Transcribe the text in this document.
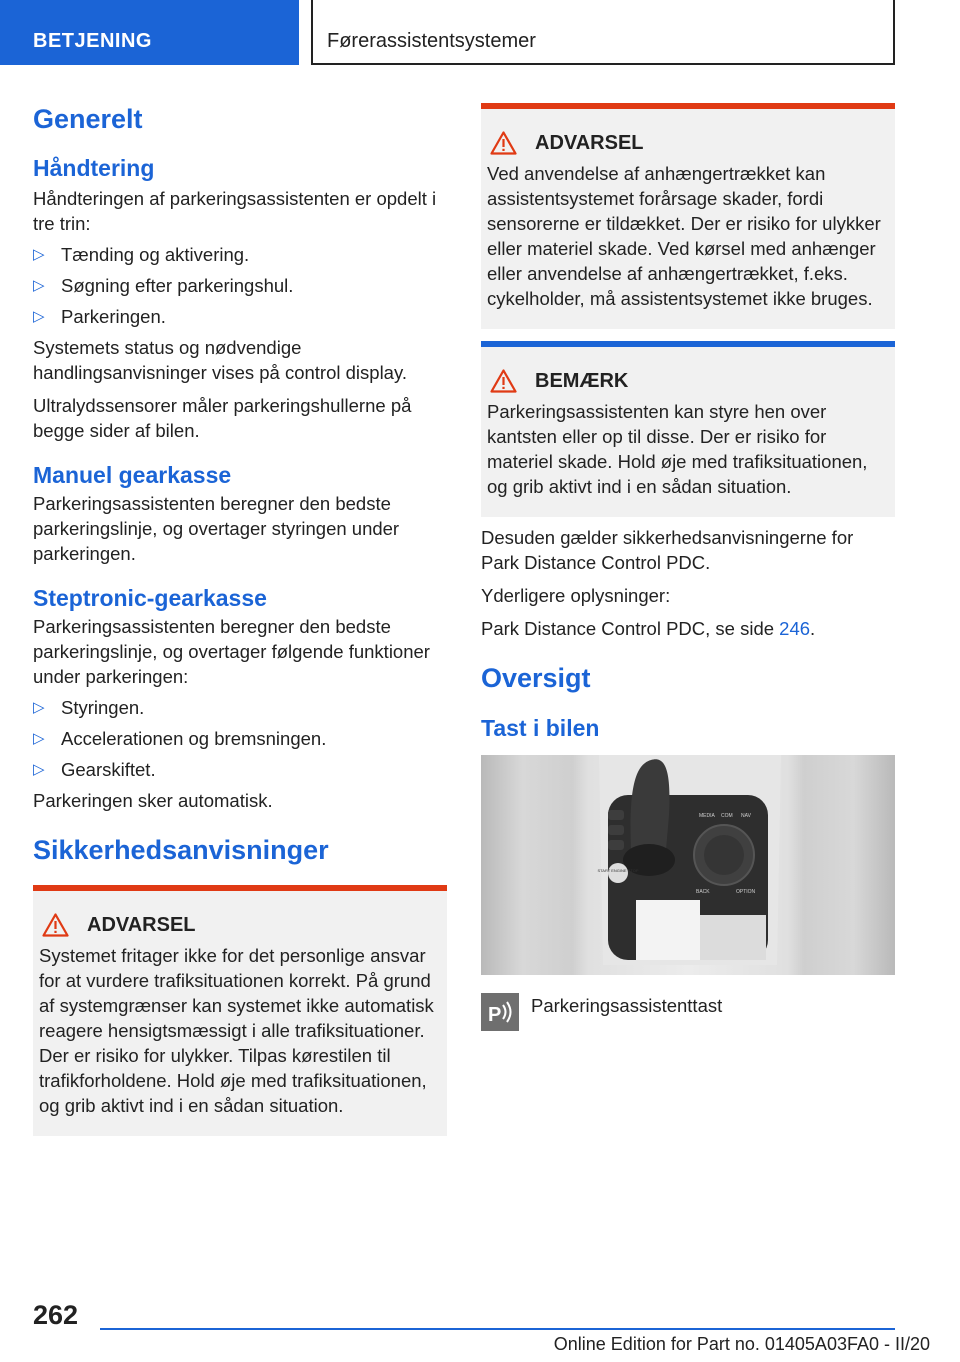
BETJENING	Førerassistentsystemer
Generelt
Håndtering

Håndteringen af parkeringsassistenten er opdelt i tre trin:

▷ Tænding og aktivering.
▷ Søgning efter parkeringshul.
▷ Parkeringen.

Systemets status og nødvendige handlingsanvisninger vises på control display.

Ultralydssensorer måler parkeringshullerne på begge sider af bilen.

Manuel gearkasse

Parkeringsassistenten beregner den bedste parkeringslinje, og overtager styringen under parkeringen.

Steptronic-gearkasse

Parkeringsassistenten beregner den bedste parkeringslinje, og overtager følgende funktioner under parkeringen:

▷ Styringen.
▷ Accelerationen og bremsningen.
▷ Gearskiftet.

Parkeringen sker automatisk.

Sikkerhedsanvisninger
ADVARSEL

Systemet fritager ikke for det personlige ansvar for at vurdere trafiksituationen korrekt. På grund af systemgrænser kan systemet ikke automatisk reagere hensigtsmæssigt i alle trafiksituationer. Der er risiko for ulykker. Tilpas kørestilen til trafikforholdene. Hold øje med trafiksituationen, og grib aktivt ind i en sådan situation.

ADVARSEL

Ved anvendelse af anhængertrækket kan assistentsystemet forårsage skader, fordi sensorerne er tildækket. Der er risiko for ulykker eller materiel skade. Ved kørsel med anhænger eller anvendelse af anhængertrækket, f.eks. cykelholder, må assistentsystemet ikke bruges.

BEMÆRK

Parkeringsassistenten kan styre hen over kantsten eller op til disse. Der er risiko for materiel skade. Hold øje med trafiksituationen, og grib aktivt ind i en sådan situation.

Desuden gælder sikkerhedsanvisningerne for Park Distance Control PDC.

Yderligere oplysninger:

Park Distance Control PDC, se side 246.

Oversigt
Tast i bilen
START ENGINE STOP
MEDIA COM NAV
BACK	OPTION
P Parkeringsassistenttast

262
Online Edition for Part no. 01405A03FA0 - II/20
